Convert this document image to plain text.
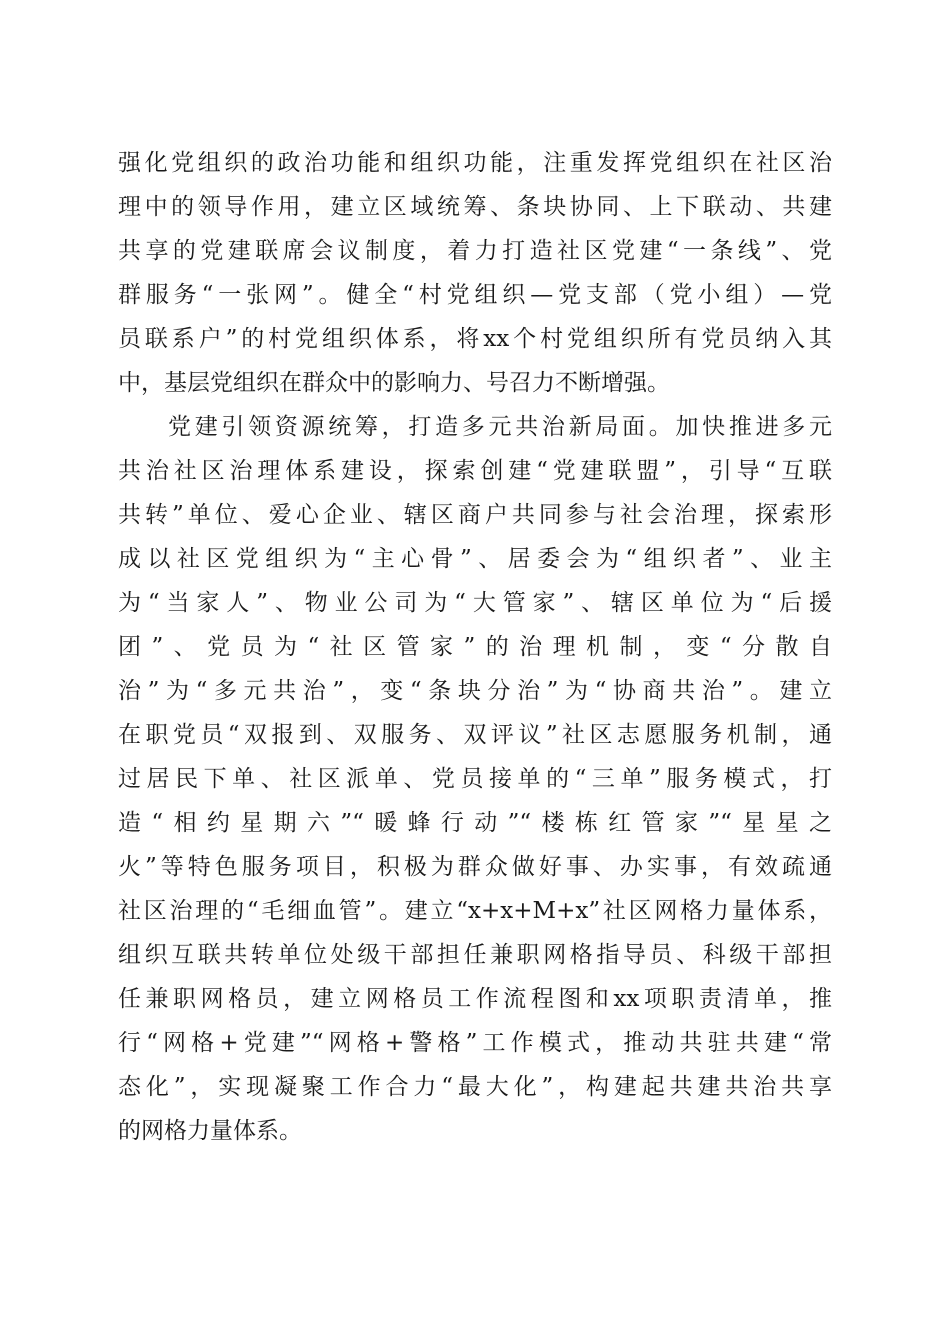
强化党组织的政治功能和组织功能，注重发挥党组织在社区治
理中的领导作用，建立区域统筹、条块协同、上下联动、共建
共享的党建联席会议制度，着力打造社区党建“一条线”、党
群服务“一张网”。健全“村党组织—党支部（党小组）—党
员联系户”的村党组织体系，将xx个村党组织所有党员纳入其
中，基层党组织在群众中的影响力、号召力不断增强。
党建引领资源统筹，打造多元共治新局面。加快推进多元
共治社区治理体系建设，探索创建“党建联盟”，引导“互联
共转”单位、爱心企业、辖区商户共同参与社会治理，探索形
成以社区党组织为“主心骨”、居委会为“组织者”、业主
为“当家人”、物业公司为“大管家”、辖区单位为“后援
团”、党员为“社区管家”的治理机制，变“分散自
治”为“多元共治”，变“条块分治”为“协商共治”。建立
在职党员“双报到、双服务、双评议”社区志愿服务机制，通
过居民下单、社区派单、党员接单的“三单”服务模式，打
造“相约星期六”“暖蜂行动”“楼栋红管家”“星星之
火”等特色服务项目，积极为群众做好事、办实事，有效疏通
社区治理的“毛细血管”。建立“x+x+M+x”社区网格力量体系，
组织互联共转单位处级干部担任兼职网格指导员、科级干部担
任兼职网格员，建立网格员工作流程图和xx项职责清单，推
行“网格+党建”“网格+警格”工作模式，推动共驻共建“常
态化”，实现凝聚工作合力“最大化”，构建起共建共治共享
的网格力量体系。
